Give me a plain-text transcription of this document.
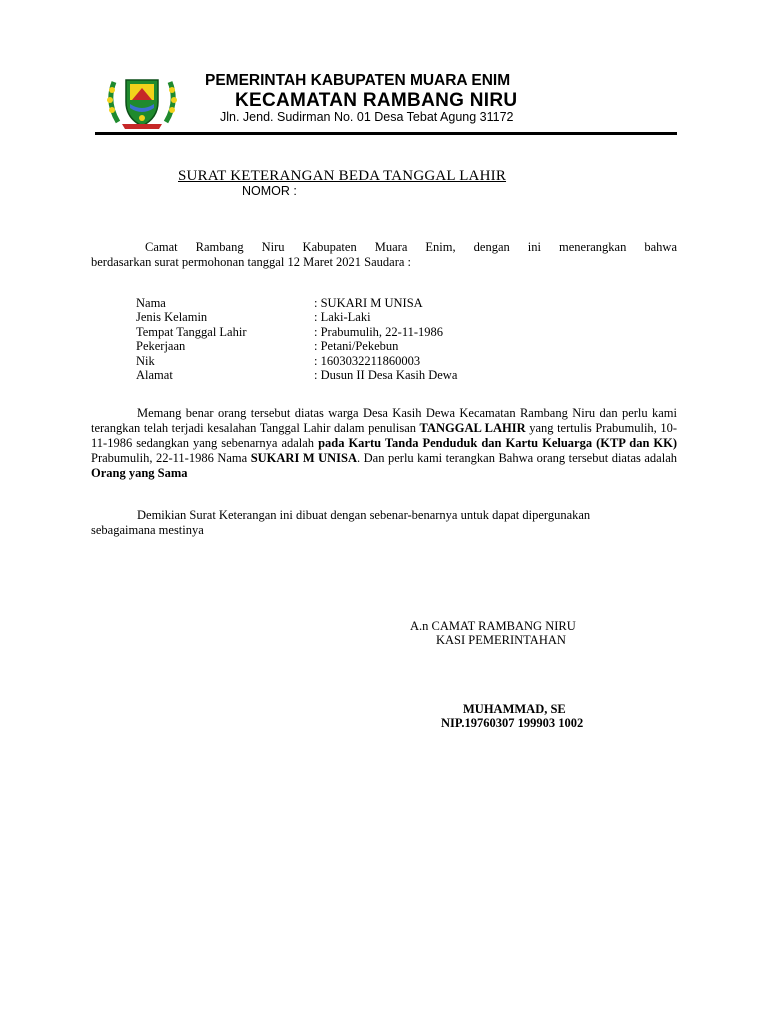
PEMERINTAH KABUPATEN MUARA ENIM
KECAMATAN RAMBANG NIRU
Jln. Jend. Sudirman No. 01 Desa Tebat Agung 31172
SURAT KETERANGAN BEDA TANGGAL LAHIR
NOMOR :
Camat Rambang Niru Kabupaten Muara Enim, dengan ini menerangkan bahwa
berdasarkan surat permohonan tanggal 12 Maret 2021 Saudara :
Nama	: SUKARI M UNISA
Jenis Kelamin	: Laki-Laki
Tempat Tanggal Lahir	: Prabumulih, 22-11-1986
Pekerjaan	: Petani/Pekebun
Nik	: 1603032211860003
Alamat	: Dusun II Desa Kasih Dewa
Memang benar orang tersebut diatas warga Desa Kasih Dewa Kecamatan Rambang Niru dan perlu kami terangkan telah terjadi kesalahan Tanggal Lahir dalam penulisan TANGGAL LAHIR yang tertulis Prabumulih, 10-11-1986 sedangkan yang sebenarnya adalah pada Kartu Tanda Penduduk dan Kartu Keluarga (KTP dan KK) Prabumulih, 22-11-1986 Nama SUKARI M UNISA. Dan perlu kami terangkan Bahwa orang tersebut diatas adalah Orang yang Sama
Demikian Surat Keterangan ini dibuat dengan sebenar-benarnya untuk dapat dipergunakan sebagaimana mestinya
A.n CAMAT RAMBANG NIRU
KASI PEMERINTAHAN
MUHAMMAD, SE
NIP.19760307 199903 1002
